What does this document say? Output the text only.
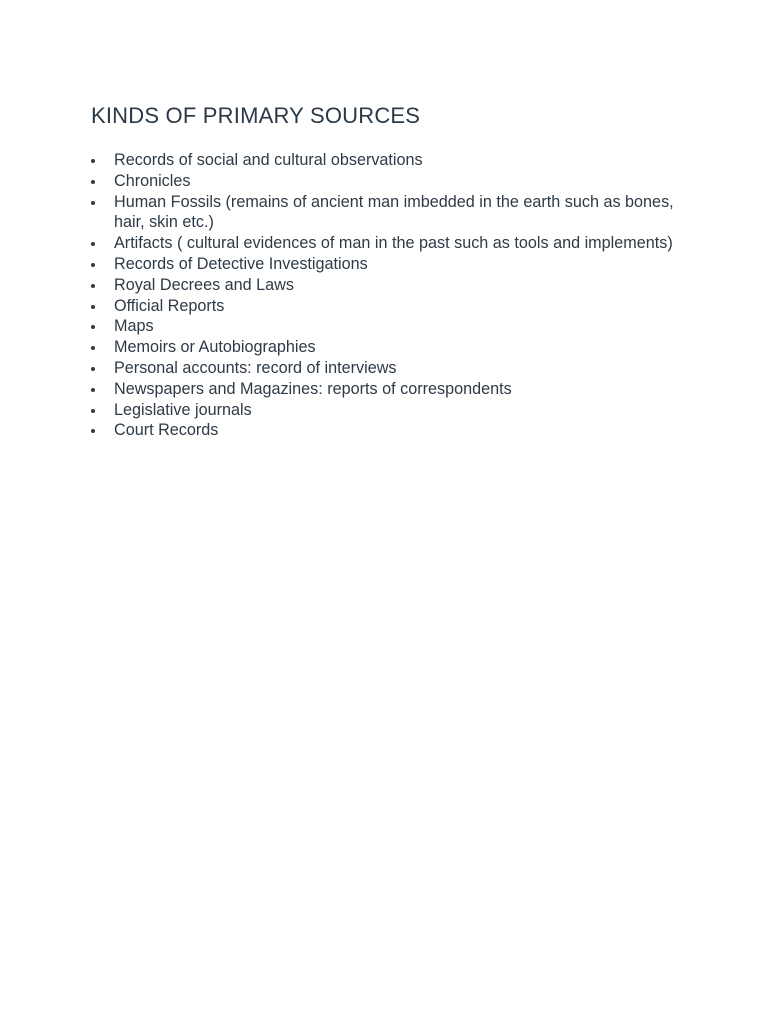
KINDS OF PRIMARY SOURCES
Records of social and cultural observations
Chronicles
Human Fossils (remains of ancient man imbedded in the earth such as bones, hair, skin etc.)
Artifacts ( cultural evidences of man in the past such as tools and implements)
Records of Detective Investigations
Royal Decrees and Laws
Official Reports
Maps
Memoirs or Autobiographies
Personal accounts: record of interviews
Newspapers and Magazines: reports of correspondents
Legislative journals
Court Records
